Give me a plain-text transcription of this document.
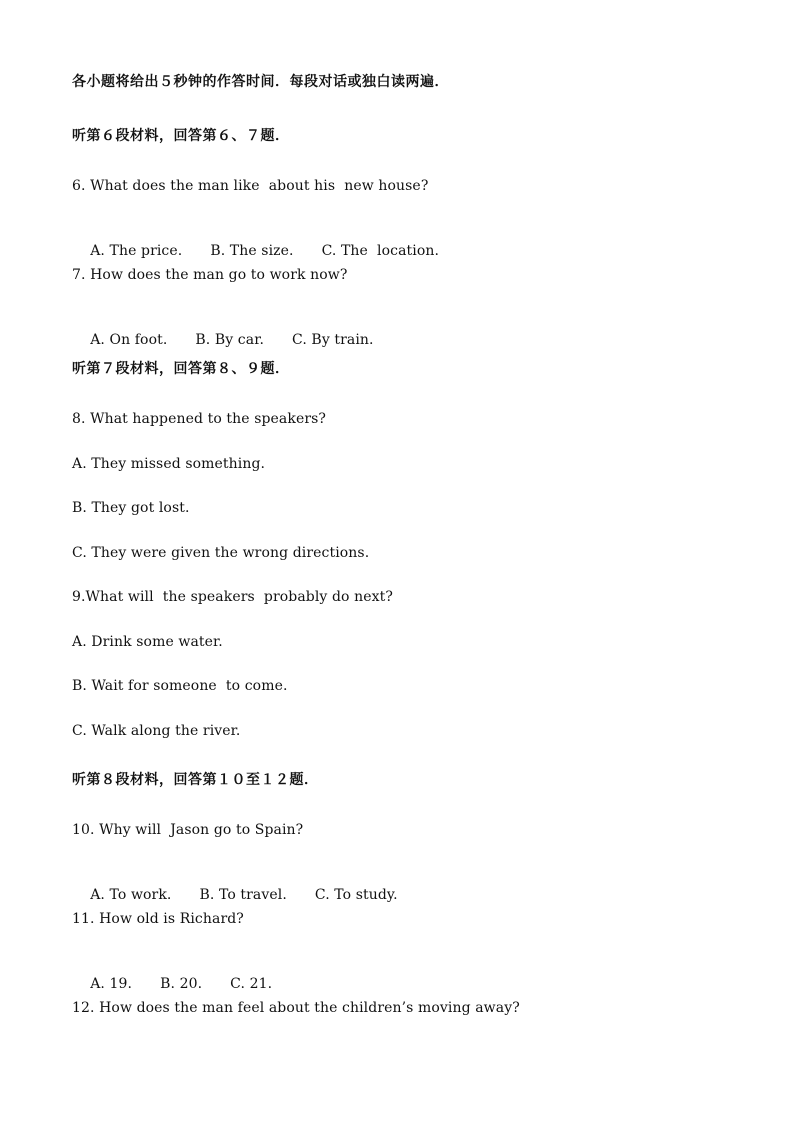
各小题将给出５秒钟的作答时间．每段对话或独白读两遍．

听第６段材料，回答第６、７题．

6. What does the man like  about his  new house?

A. The price. B. The size. C. The  location.

7. How does the man go to work now?

A. On foot. B. By car. C. By train.

听第７段材料，回答第８、９题．

8. What happened to the speakers?

A. They missed something.

B. They got lost.

C. They were given the wrong directions.

9.What will  the speakers  probably do next?

A. Drink some water.

B. Wait for someone  to come.

C. Walk along the river.

听第８段材料，回答第１０至１２题．

10. Why will  Jason go to Spain?

A. To work. B. To travel. C. To study.

11. How old is Richard?

A. 19. B. 20. C. 21.

12. How does the man feel about the children’s moving away?
